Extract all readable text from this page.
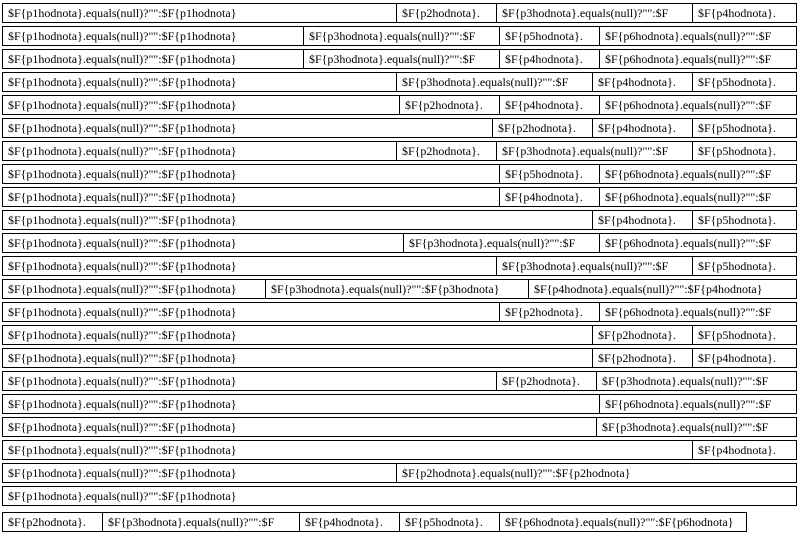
$F{p1hodnota}.equals(null)?"":$F{p1hodnota}	$F{p2hodnota}.	$F{p3hodnota}.equals(null)?"":$F	$F{p4hodnota}.
$F{p1hodnota}.equals(null)?"":$F{p1hodnota}	$F{p3hodnota}.equals(null)?"":$F	$F{p5hodnota}.	$F{p6hodnota}.equals(null)?"":$F
$F{p1hodnota}.equals(null)?"":$F{p1hodnota}	$F{p3hodnota}.equals(null)?"":$F	$F{p4hodnota}.	$F{p6hodnota}.equals(null)?"":$F
$F{p1hodnota}.equals(null)?"":$F{p1hodnota}	$F{p3hodnota}.equals(null)?"":$F	$F{p4hodnota}.	$F{p5hodnota}.
$F{p1hodnota}.equals(null)?"":$F{p1hodnota}	$F{p2hodnota}.	$F{p4hodnota}.	$F{p6hodnota}.equals(null)?"":$F
$F{p1hodnota}.equals(null)?"":$F{p1hodnota}	$F{p2hodnota}.	$F{p4hodnota}.	$F{p5hodnota}.
$F{p1hodnota}.equals(null)?"":$F{p1hodnota}	$F{p2hodnota}.	$F{p3hodnota}.equals(null)?"":$F	$F{p5hodnota}.
$F{p1hodnota}.equals(null)?"":$F{p1hodnota}	$F{p5hodnota}.	$F{p6hodnota}.equals(null)?"":$F
$F{p1hodnota}.equals(null)?"":$F{p1hodnota}	$F{p4hodnota}.	$F{p6hodnota}.equals(null)?"":$F
$F{p1hodnota}.equals(null)?"":$F{p1hodnota}	$F{p4hodnota}.	$F{p5hodnota}.
$F{p1hodnota}.equals(null)?"":$F{p1hodnota}	$F{p3hodnota}.equals(null)?"":$F	$F{p6hodnota}.equals(null)?"":$F
$F{p1hodnota}.equals(null)?"":$F{p1hodnota}	$F{p3hodnota}.equals(null)?"":$F	$F{p5hodnota}.
$F{p1hodnota}.equals(null)?"":$F{p1hodnota}	$F{p3hodnota}.equals(null)?"":$F{p3hodnota}	$F{p4hodnota}.equals(null)?"":$F{p4hodnota}
$F{p1hodnota}.equals(null)?"":$F{p1hodnota}	$F{p2hodnota}.	$F{p6hodnota}.equals(null)?"":$F
$F{p1hodnota}.equals(null)?"":$F{p1hodnota}	$F{p2hodnota}.	$F{p5hodnota}.
$F{p1hodnota}.equals(null)?"":$F{p1hodnota}	$F{p2hodnota}.	$F{p4hodnota}.
$F{p1hodnota}.equals(null)?"":$F{p1hodnota}	$F{p2hodnota}.	$F{p3hodnota}.equals(null)?"":$F
$F{p1hodnota}.equals(null)?"":$F{p1hodnota}	$F{p6hodnota}.equals(null)?"":$F
$F{p1hodnota}.equals(null)?"":$F{p1hodnota}	$F{p3hodnota}.equals(null)?"":$F
$F{p1hodnota}.equals(null)?"":$F{p1hodnota}	$F{p4hodnota}.
$F{p1hodnota}.equals(null)?"":$F{p1hodnota}	$F{p2hodnota}.equals(null)?"":$F{p2hodnota}
$F{p1hodnota}.equals(null)?"":$F{p1hodnota}
$F{p2hodnota}.	$F{p3hodnota}.equals(null)?"":$F	$F{p4hodnota}.	$F{p5hodnota}.	$F{p6hodnota}.equals(null)?"":$F{p6hodnota}
